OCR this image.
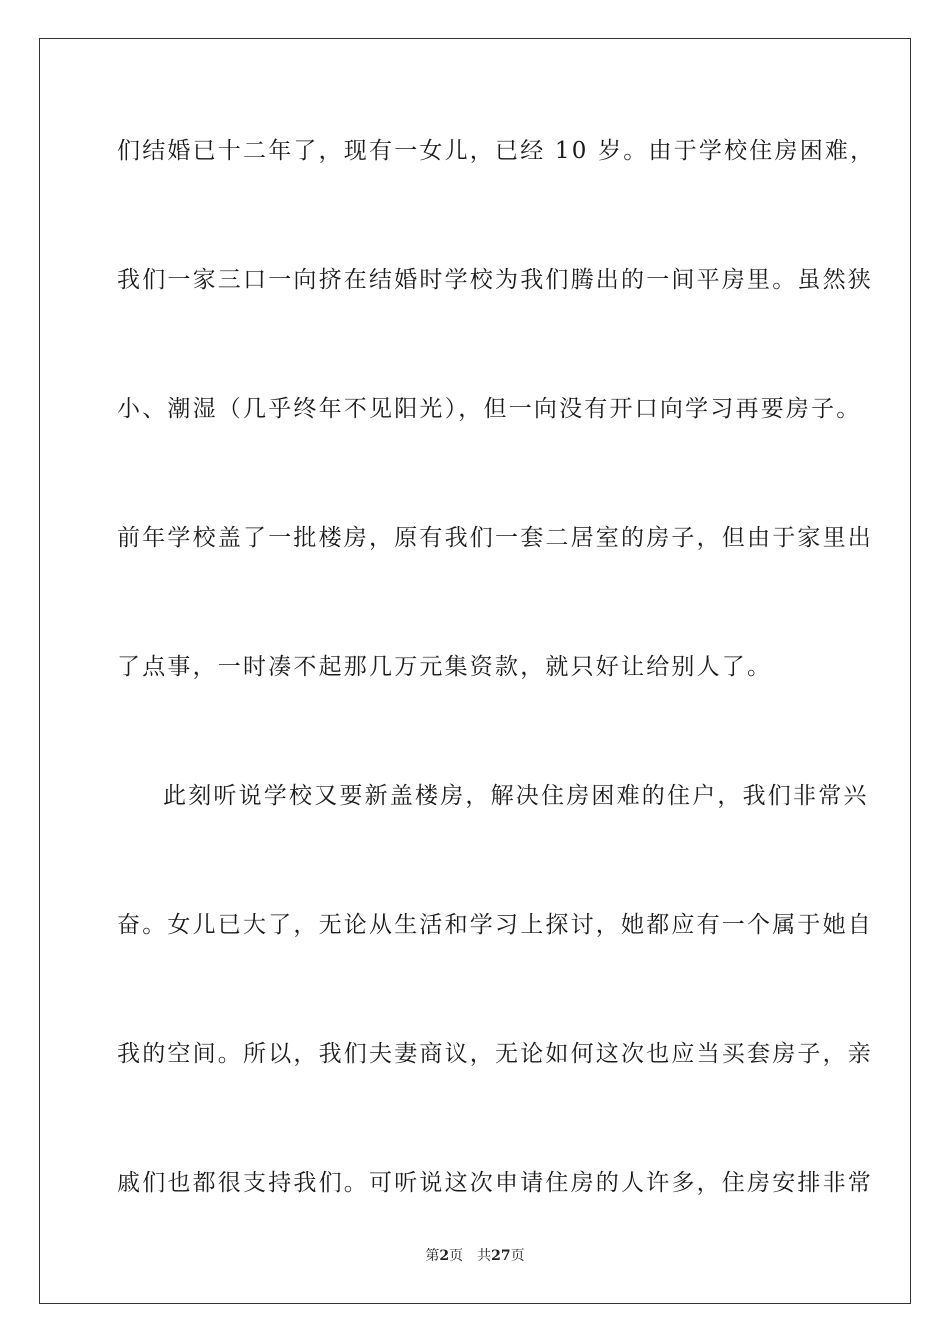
们结婚已十二年了，现有一女儿，已经 10 岁。由于学校住房困难，
我们一家三口一向挤在结婚时学校为我们腾出的一间平房里。虽然狭
小、潮湿（几乎终年不见阳光），但一向没有开口向学习再要房子。
前年学校盖了一批楼房，原有我们一套二居室的房子，但由于家里出
了点事，一时凑不起那几万元集资款，就只好让给别人了。
此刻听说学校又要新盖楼房，解决住房困难的住户，我们非常兴
奋。女儿已大了，无论从生活和学习上探讨，她都应有一个属于她自
我的空间。所以，我们夫妻商议，无论如何这次也应当买套房子，亲
戚们也都很支持我们。可听说这次申请住房的人许多，住房安排非常
第2页 共27页
